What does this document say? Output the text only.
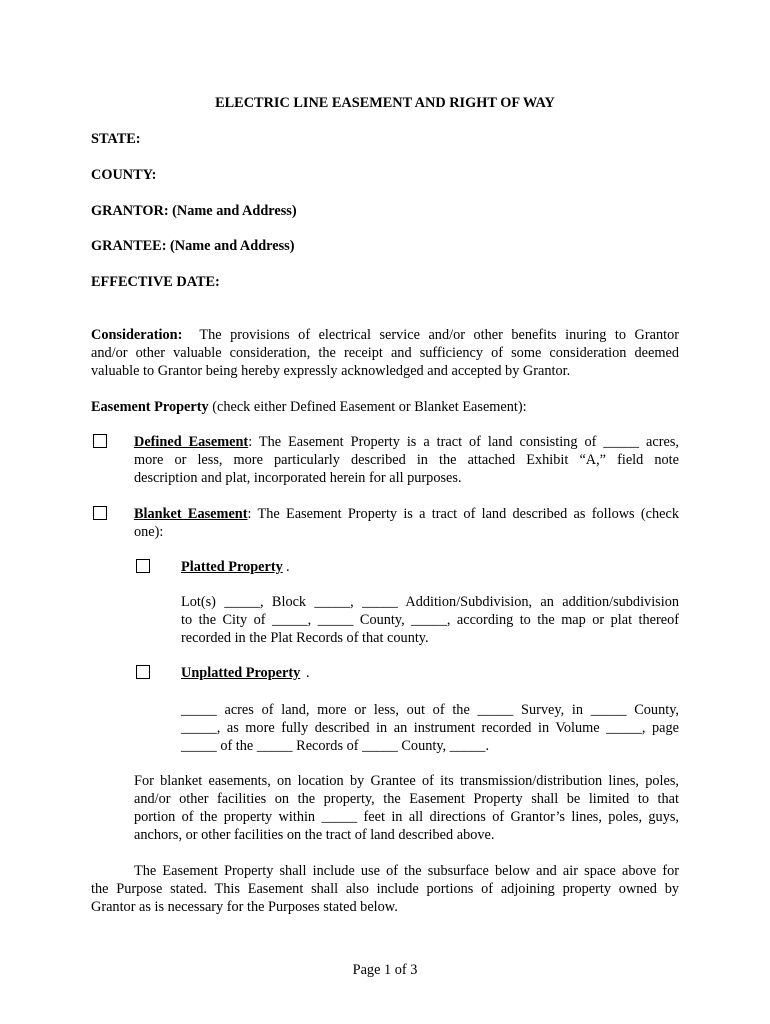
ELECTRIC LINE EASEMENT AND RIGHT OF WAY
STATE:
COUNTY:
GRANTOR: (Name and Address)
GRANTEE: (Name and Address)
EFFECTIVE DATE:
Consideration: The provisions of electrical service and/or other benefits inuring to Grantor
and/or other valuable consideration, the receipt and sufficiency of some consideration deemed
valuable to Grantor being hereby expressly acknowledged and accepted by Grantor.
Easement Property (check either Defined Easement or Blanket Easement):
Defined Easement: The Easement Property is a tract of land consisting of _____ acres,
more or less, more particularly described in the attached Exhibit “A,” field note
description and plat, incorporated herein for all purposes.
Blanket Easement: The Easement Property is a tract of land described as follows (check
one):
Platted Property .
Lot(s) _____, Block _____, _____ Addition/Subdivision, an addition/subdivision
to the City of _____, _____ County, _____, according to the map or plat thereof
recorded in the Plat Records of that county.
Unplatted Property .
_____ acres of land, more or less, out of the _____ Survey, in _____ County,
_____, as more fully described in an instrument recorded in Volume _____, page
_____ of the _____ Records of _____ County, _____.
For blanket easements, on location by Grantee of its transmission/distribution lines, poles,
and/or other facilities on the property, the Easement Property shall be limited to that
portion of the property within _____ feet in all directions of Grantor’s lines, poles, guys,
anchors, or other facilities on the tract of land described above.
The Easement Property shall include use of the subsurface below and air space above for
the Purpose stated. This Easement shall also include portions of adjoining property owned by
Grantor as is necessary for the Purposes stated below.
Page 1 of 3
